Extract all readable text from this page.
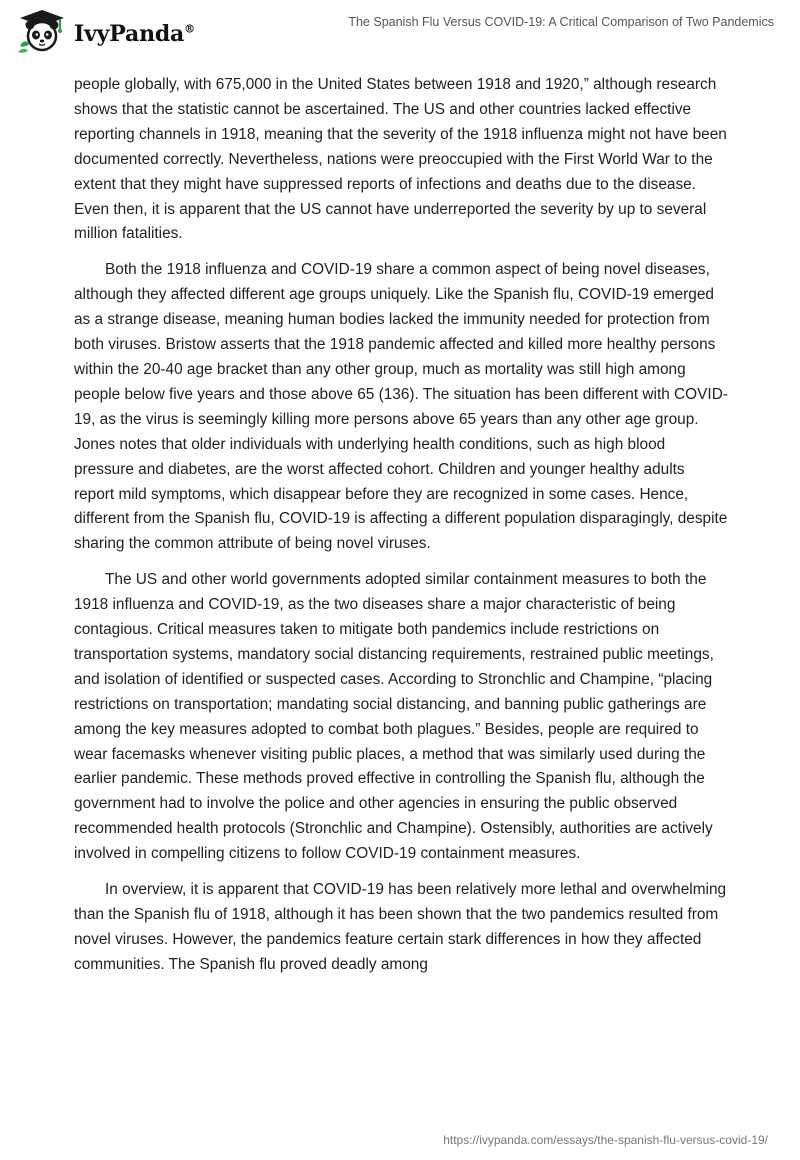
IvyPanda®	The Spanish Flu Versus COVID-19: A Critical Comparison of Two Pandemics

people globally, with 675,000 in the United States between 1918 and 1920,” although research shows that the statistic cannot be ascertained. The US and other countries lacked effective reporting channels in 1918, meaning that the severity of the 1918 influenza might not have been documented correctly. Nevertheless, nations were preoccupied with the First World War to the extent that they might have suppressed reports of infections and deaths due to the disease. Even then, it is apparent that the US cannot have underreported the severity by up to several million fatalities.

Both the 1918 influenza and COVID-19 share a common aspect of being novel diseases, although they affected different age groups uniquely. Like the Spanish flu, COVID-19 emerged as a strange disease, meaning human bodies lacked the immunity needed for protection from both viruses. Bristow asserts that the 1918 pandemic affected and killed more healthy persons within the 20-40 age bracket than any other group, much as mortality was still high among people below five years and those above 65 (136). The situation has been different with COVID-19, as the virus is seemingly killing more persons above 65 years than any other age group. Jones notes that older individuals with underlying health conditions, such as high blood pressure and diabetes, are the worst affected cohort. Children and younger healthy adults report mild symptoms, which disappear before they are recognized in some cases. Hence, different from the Spanish flu, COVID-19 is affecting a different population disparagingly, despite sharing the common attribute of being novel viruses.

The US and other world governments adopted similar containment measures to both the 1918 influenza and COVID-19, as the two diseases share a major characteristic of being contagious. Critical measures taken to mitigate both pandemics include restrictions on transportation systems, mandatory social distancing requirements, restrained public meetings, and isolation of identified or suspected cases. According to Stronchlic and Champine, “placing restrictions on transportation; mandating social distancing, and banning public gatherings are among the key measures adopted to combat both plagues.” Besides, people are required to wear facemasks whenever visiting public places, a method that was similarly used during the earlier pandemic. These methods proved effective in controlling the Spanish flu, although the government had to involve the police and other agencies in ensuring the public observed recommended health protocols (Stronchlic and Champine). Ostensibly, authorities are actively involved in compelling citizens to follow COVID-19 containment measures.

In overview, it is apparent that COVID-19 has been relatively more lethal and overwhelming than the Spanish flu of 1918, although it has been shown that the two pandemics resulted from novel viruses. However, the pandemics feature certain stark differences in how they affected communities. The Spanish flu proved deadly among

https://ivypanda.com/essays/the-spanish-flu-versus-covid-19/
